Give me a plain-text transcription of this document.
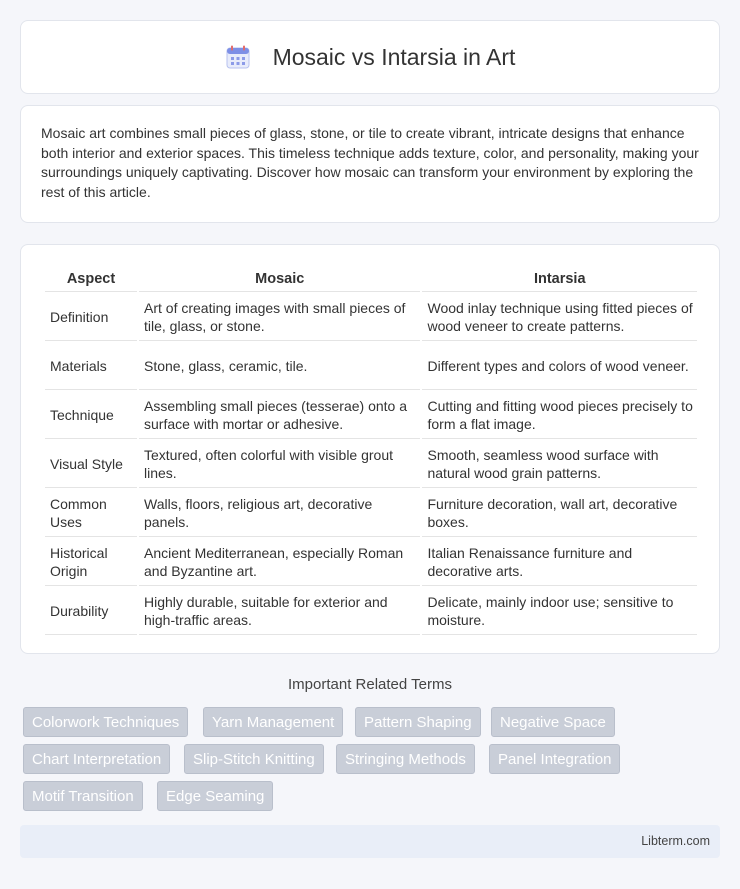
Mosaic vs Intarsia in Art

Mosaic art combines small pieces of glass, stone, or tile to create vibrant, intricate designs that enhance both interior and exterior spaces. This timeless technique adds texture, color, and personality, making your surroundings uniquely captivating. Discover how mosaic can transform your environment by exploring the rest of this article.

Aspect	Mosaic	Intarsia
Definition	Art of creating images with small pieces of tile, glass, or stone.	Wood inlay technique using fitted pieces of wood veneer to create patterns.
Materials	Stone, glass, ceramic, tile.	Different types and colors of wood veneer.
Technique	Assembling small pieces (tesserae) onto a surface with mortar or adhesive.	Cutting and fitting wood pieces precisely to form a flat image.
Visual Style	Textured, often colorful with visible grout lines.	Smooth, seamless wood surface with natural wood grain patterns.
Common Uses	Walls, floors, religious art, decorative panels.	Furniture decoration, wall art, decorative boxes.
Historical Origin	Ancient Mediterranean, especially Roman and Byzantine art.	Italian Renaissance furniture and decorative arts.
Durability	Highly durable, suitable for exterior and high-traffic areas.	Delicate, mainly indoor use; sensitive to moisture.
Important Related Terms
Colorwork Techniques	Yarn Management	Pattern Shaping	Negative Space
Chart Interpretation	Slip-Stitch Knitting	Stringing Methods	Panel Integration
Motif Transition	Edge Seaming
Libterm.com
